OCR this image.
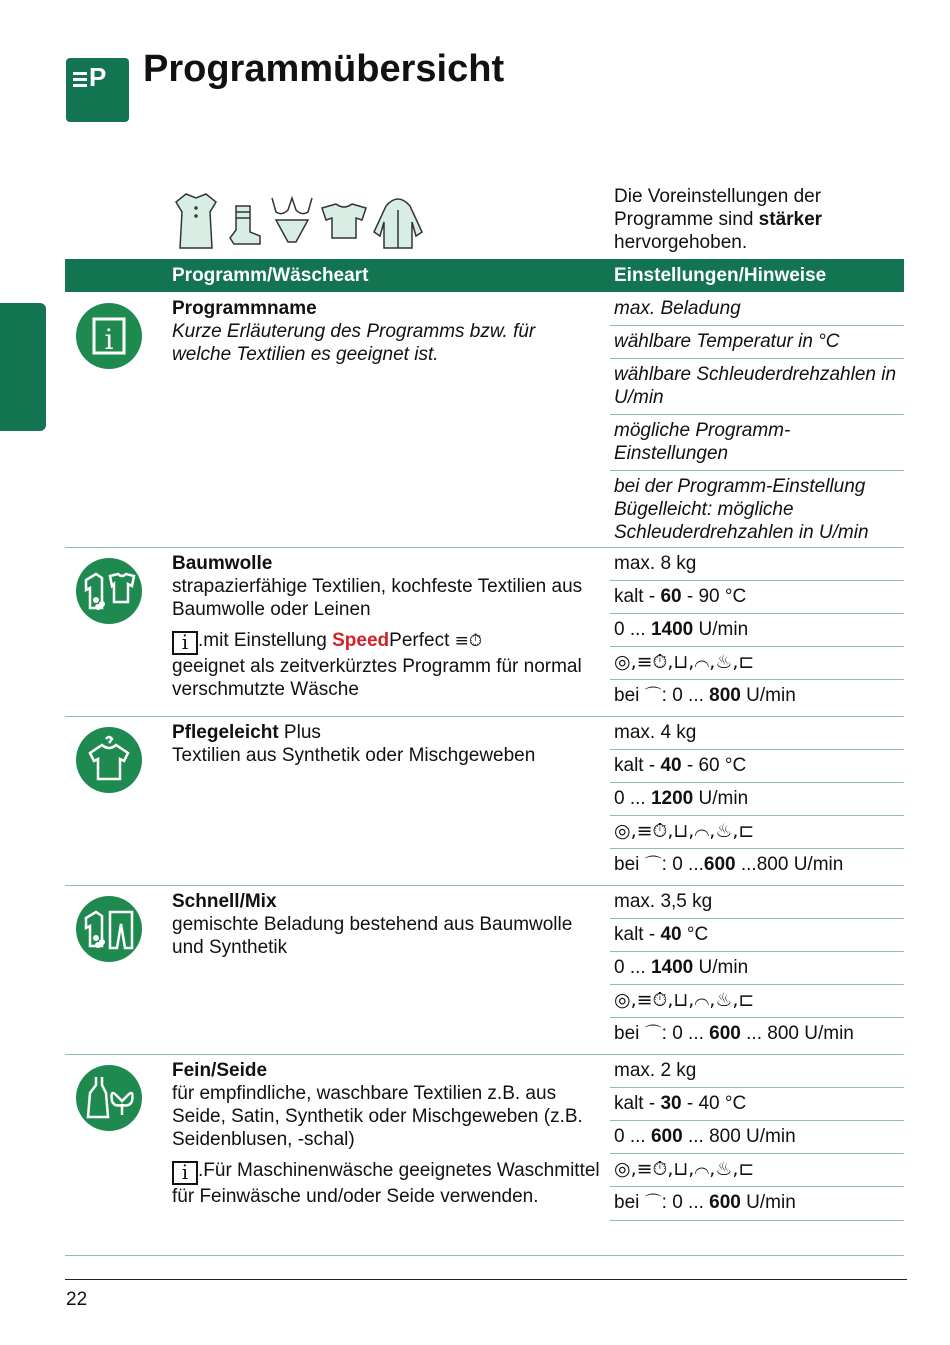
P Programmübersicht
Die Voreinstellungen der Programme sind stärker hervorgehoben.
Programm/Wäscheart	Einstellungen/Hinweise
i
Programmname
Kurze Erläuterung des Programms bzw. für welche Textilien es geeignet ist.
max. Beladung
wählbare Temperatur in °C
wählbare Schleuderdrehzahlen in U/min
mögliche Programm-Einstellungen
bei der Programm-Einstellung Bügelleicht: mögliche Schleuderdrehzahlen in U/min
Baumwolle
strapazierfähige Textilien, kochfeste Textilien aus Baumwolle oder Leinen
i .mit Einstellung SpeedPerfect ≡⏱
geeignet als zeitverkürztes Programm für normal verschmutzte Wäsche
max. 8 kg
kalt - 60 - 90 °C
0 ... 1400 U/min
◎,≡⏱,⊔,⌒,♨,⊏
bei ⌒: 0 ... 800 U/min
Pflegeleicht Plus
Textilien aus Synthetik oder Mischgeweben
max. 4 kg
kalt - 40 - 60 °C
0 ... 1200 U/min
◎,≡⏱,⊔,⌒,♨,⊏
bei ⌒: 0 ...600 ...800 U/min
Schnell/Mix
gemischte Beladung bestehend aus Baumwolle und Synthetik
max. 3,5 kg
kalt - 40 °C
0 ... 1400 U/min
◎,≡⏱,⊔,⌒,♨,⊏
bei ⌒: 0 ... 600 ... 800 U/min
Fein/Seide
für empfindliche, waschbare Textilien z.B. aus Seide, Satin, Synthetik oder Mischgeweben (z.B. Seidenblusen, -schal)
i .Für Maschinenwäsche geeignetes Waschmittel für Feinwäsche und/oder Seide verwenden.
max. 2 kg
kalt - 30 - 40 °C
0 ... 600 ... 800 U/min
◎,≡⏱,⊔,⌒,♨,⊏
bei ⌒: 0 ... 600 U/min
22
